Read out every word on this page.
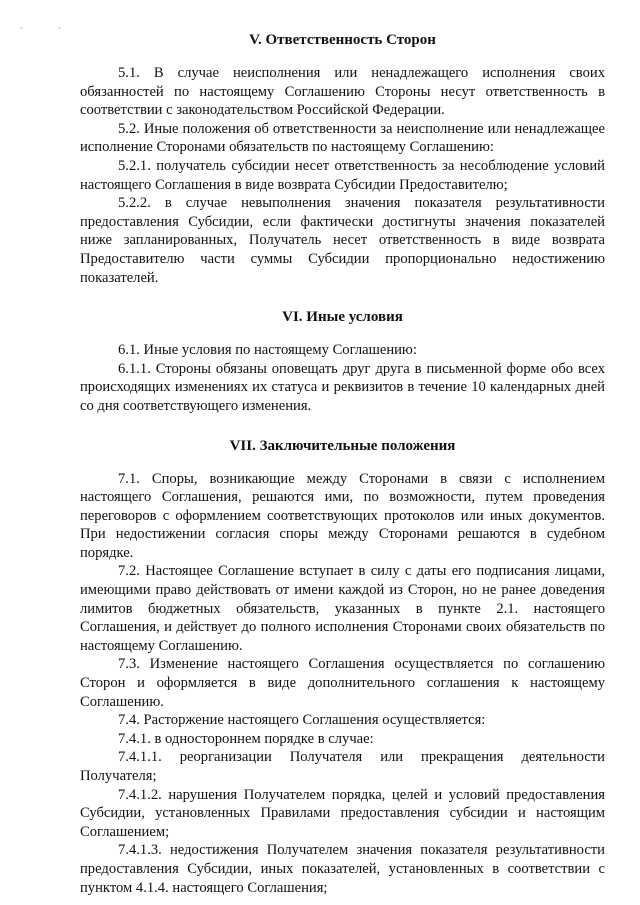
·	·

V. Ответственность Сторон

5.1. В случае неисполнения или ненадлежащего исполнения своих обязанностей по настоящему Соглашению Стороны несут ответственность в соответствии с законодательством Российской Федерации.

5.2. Иные положения об ответственности за неисполнение или ненадлежащее исполнение Сторонами обязательств по настоящему Соглашению:

5.2.1. получатель субсидии несет ответственность за несоблюдение условий настоящего Соглашения в виде возврата Субсидии Предоставителю;

5.2.2. в случае невыполнения значения показателя результативности предоставления Субсидии, если фактически достигнуты значения показателей ниже запланированных, Получатель несет ответственность в виде возврата Предоставителю части суммы Субсидии пропорционально недостижению показателей.

VI. Иные условия

6.1. Иные условия по настоящему Соглашению:

6.1.1. Стороны обязаны оповещать друг друга в письменной форме обо всех происходящих изменениях их статуса и реквизитов в течение 10 календарных дней со дня соответствующего изменения.

VII. Заключительные положения

7.1. Споры, возникающие между Сторонами в связи с исполнением настоящего Соглашения, решаются ими, по возможности, путем проведения переговоров с оформлением соответствующих протоколов или иных документов. При недостижении согласия споры между Сторонами решаются в судебном порядке.

7.2. Настоящее Соглашение вступает в силу с даты его подписания лицами, имеющими право действовать от имени каждой из Сторон, но не ранее доведения лимитов бюджетных обязательств, указанных в пункте 2.1. настоящего Соглашения, и действует до полного исполнения Сторонами своих обязательств по настоящему Соглашению.

7.3. Изменение настоящего Соглашения осуществляется по соглашению Сторон и оформляется в виде дополнительного соглашения к настоящему Соглашению.

7.4. Расторжение настоящего Соглашения осуществляется:

7.4.1. в одностороннем порядке в случае:

7.4.1.1. реорганизации Получателя или прекращения деятельности Получателя;

7.4.1.2. нарушения Получателем порядка, целей и условий предоставления Субсидии, установленных Правилами предоставления субсидии и настоящим Соглашением;

7.4.1.3. недостижения Получателем значения показателя результативности предоставления Субсидии, иных показателей, установленных в соответствии с пунктом 4.1.4. настоящего Соглашения;
